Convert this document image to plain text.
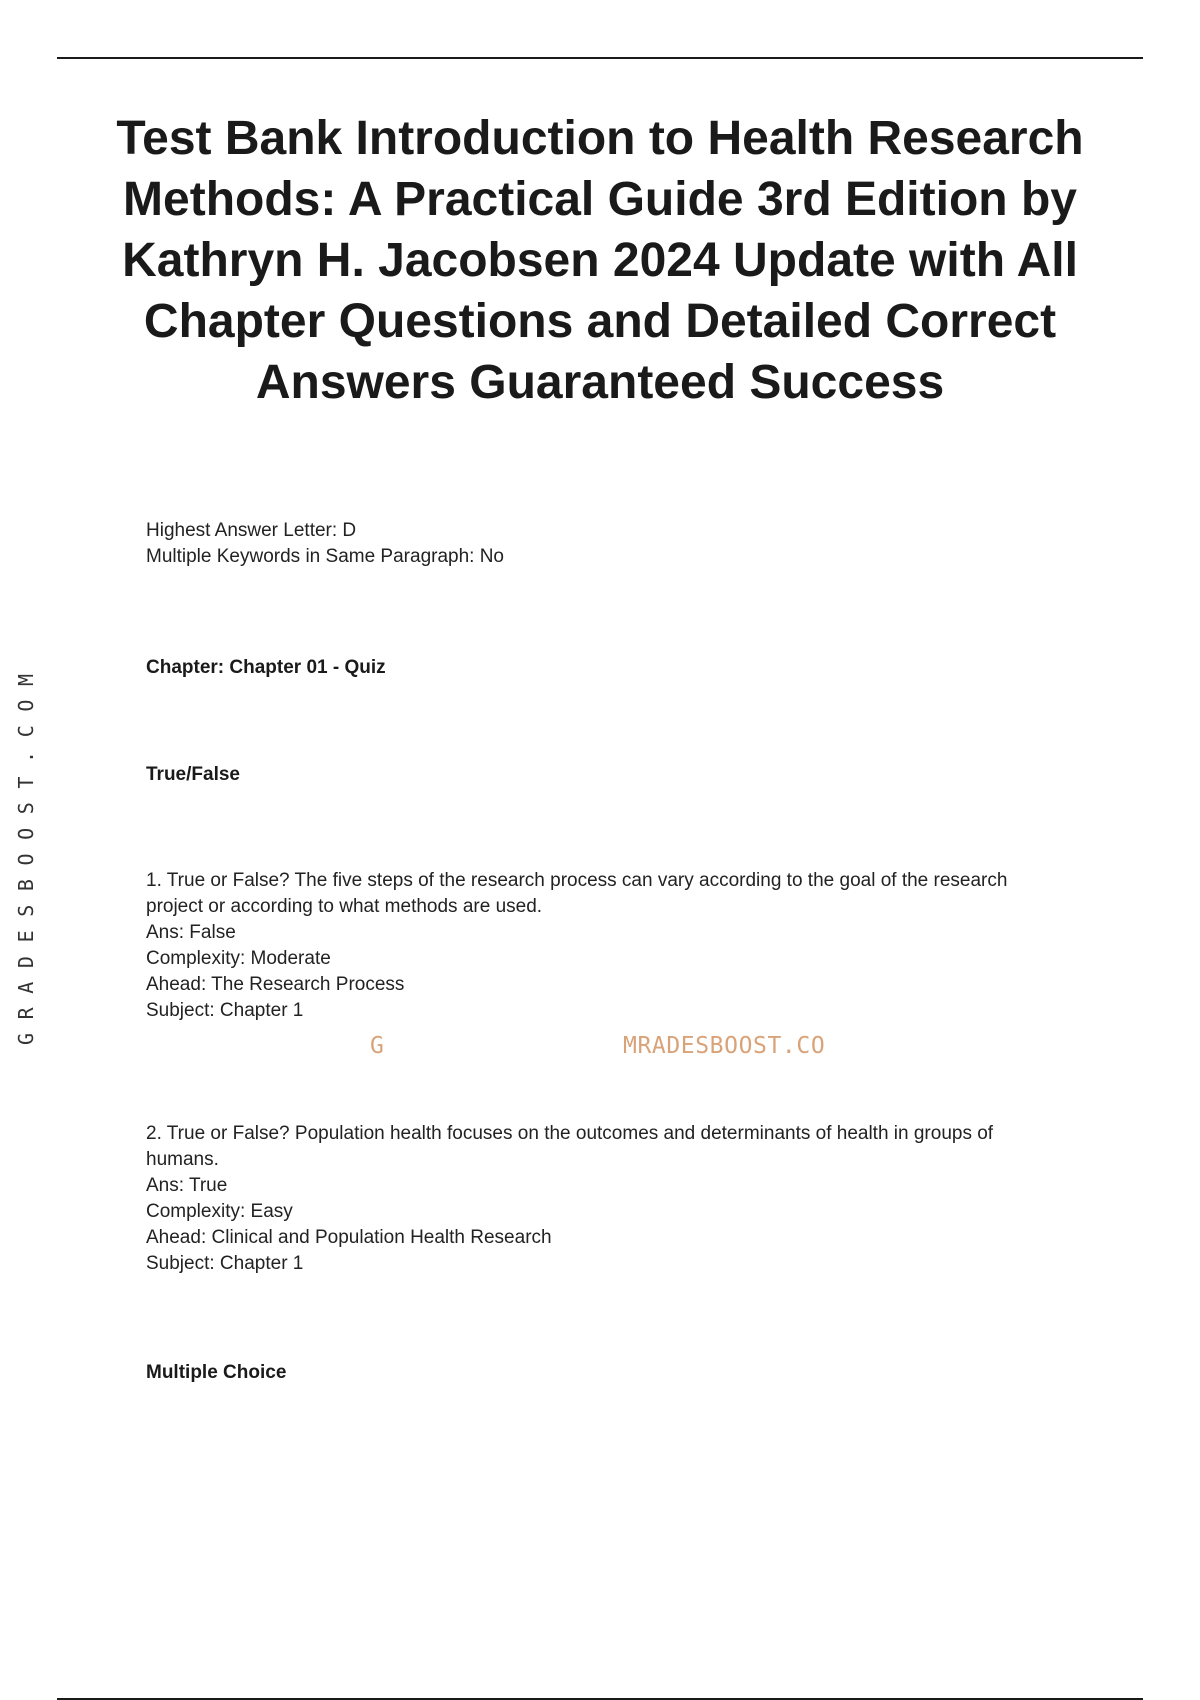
GRADESBOOST.COM
Test Bank Introduction to Health Research Methods: A Practical Guide 3rd Edition by Kathryn H. Jacobsen 2024 Update with All Chapter Questions and Detailed Correct Answers Guaranteed Success
Highest Answer Letter: D
Multiple Keywords in Same Paragraph: No
Chapter: Chapter 01 - Quiz
True/False
1. True or False? The five steps of the research process can vary according to the goal of the research project or according to what methods are used.
Ans: False
Complexity: Moderate
Ahead: The Research Process
Subject: Chapter 1
2. True or False? Population health focuses on the outcomes and determinants of health in groups of humans.
Ans: True
Complexity: Easy
Ahead: Clinical and Population Health Research
Subject: Chapter 1
Multiple Choice
G	MRADESBOOST.CO
